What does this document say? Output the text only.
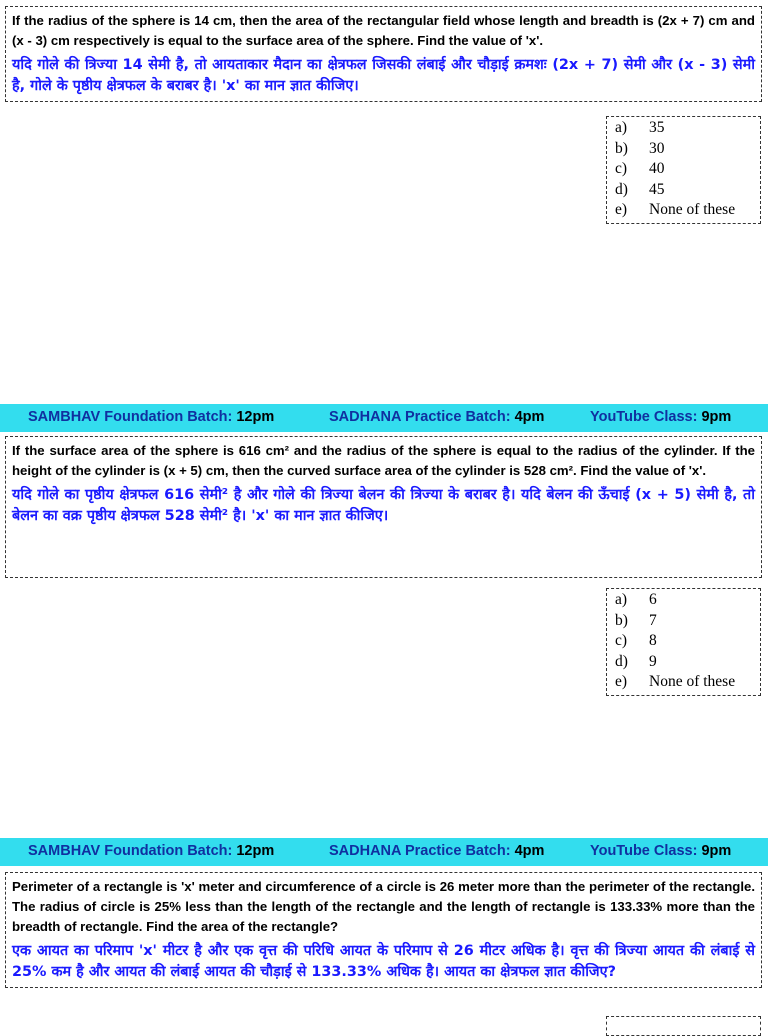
If the radius of the sphere is 14 cm, then the area of the rectangular field whose length and breadth is (2x + 7) cm and (x - 3) cm respectively is equal to the surface area of the sphere. Find the value of 'x'.
यदि गोले की त्रिज्या 14 सेमी है, तो आयताकार मैदान का क्षेत्रफल जिसकी लंबाई और चौड़ाई क्रमशः (2x + 7) सेमी और (x - 3) सेमी है, गोले के पृष्ठीय क्षेत्रफल के बराबर है। 'x' का मान ज्ञात कीजिए।
a)	35
b)	30
c)	40
d)	45
e)	None of these
SAMBHAV Foundation Batch: 12pm	SADHANA Practice Batch: 4pm	YouTube Class: 9pm
If the surface area of the sphere is 616 cm² and the radius of the sphere is equal to the radius of the cylinder. If the height of the cylinder is (x + 5) cm, then the curved surface area of the cylinder is 528 cm². Find the value of 'x'.
यदि गोले का पृष्ठीय क्षेत्रफल 616 सेमी² है और गोले की त्रिज्या बेलन की त्रिज्या के बराबर है। यदि बेलन की ऊँचाई (x + 5) सेमी है, तो बेलन का वक्र पृष्ठीय क्षेत्रफल 528 सेमी² है। 'x' का मान ज्ञात कीजिए।
a)	6
b)	7
c)	8
d)	9
e)	None of these
SAMBHAV Foundation Batch: 12pm	SADHANA Practice Batch: 4pm	YouTube Class: 9pm
Perimeter of a rectangle is 'x' meter and circumference of a circle is 26 meter more than the perimeter of the rectangle. The radius of circle is 25% less than the length of the rectangle and the length of rectangle is 133.33% more than the breadth of rectangle. Find the area of the rectangle?
एक आयत का परिमाप 'x' मीटर है और एक वृत्त की परिधि आयत के परिमाप से 26 मीटर अधिक है। वृत्त की त्रिज्या आयत की लंबाई से 25% कम है और आयत की लंबाई आयत की चौड़ाई से 133.33% अधिक है। आयत का क्षेत्रफल ज्ञात कीजिए?
